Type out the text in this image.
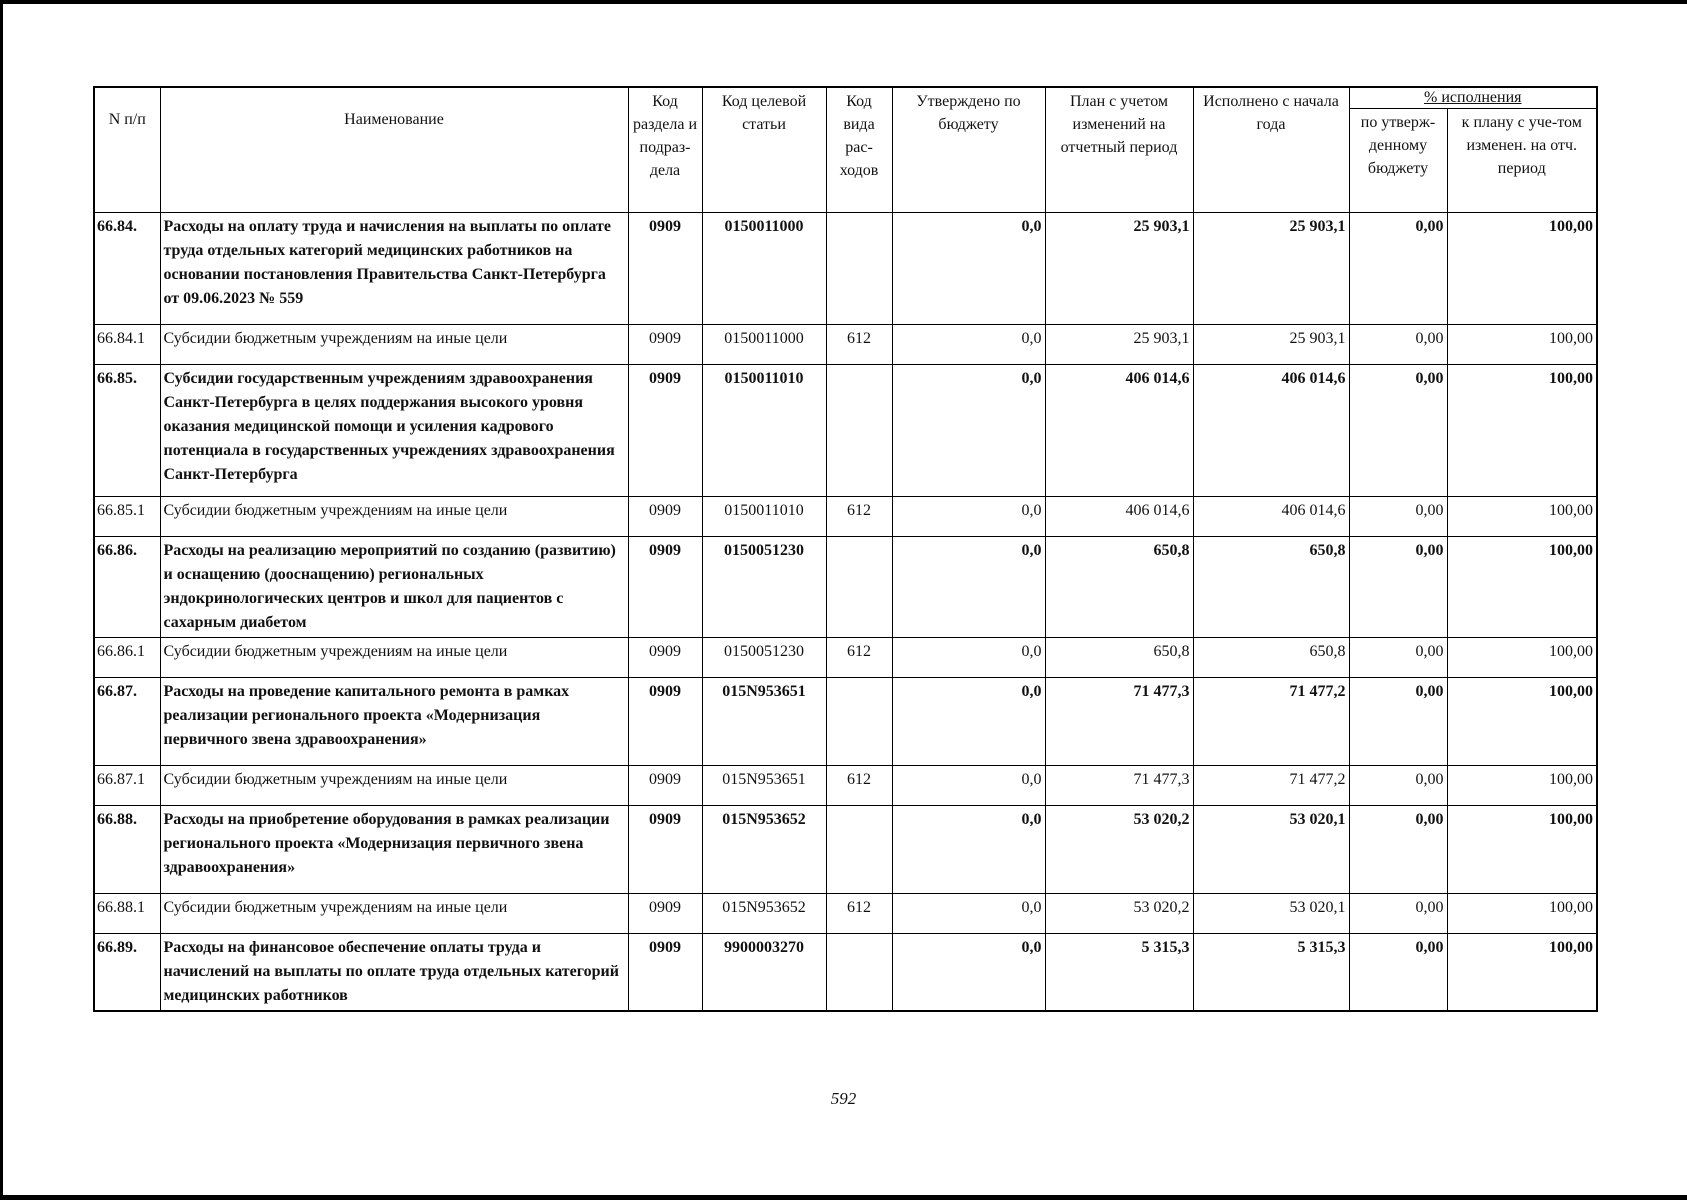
N п/п	Наименование	Код раздела и подраз-дела	Код целевой статьи	Код вида рас-ходов	Утверждено по бюджету	План с учетом изменений на отчетный период	Исполнено с начала года	% исполнения	
								по утверж-денному бюджету	к плану с уче-том изменен. на отч. период
66.84.	Расходы на оплату труда и начисления на выплаты по оплате труда отдельных категорий медицинских работников на основании постановления Правительства Санкт-Петербурга от 09.06.2023 № 559	0909	0150011000		0,0	25 903,1	25 903,1	0,00	100,00
66.84.1	Субсидии бюджетным учреждениям на иные цели	0909	0150011000	612	0,0	25 903,1	25 903,1	0,00	100,00
66.85.	Субсидии государственным учреждениям здравоохранения Санкт-Петербурга в целях поддержания высокого уровня оказания медицинской помощи и усиления кадрового потенциала в государственных учреждениях здравоохранения Санкт-Петербурга	0909	0150011010		0,0	406 014,6	406 014,6	0,00	100,00
66.85.1	Субсидии бюджетным учреждениям на иные цели	0909	0150011010	612	0,0	406 014,6	406 014,6	0,00	100,00
66.86.	Расходы на реализацию мероприятий по созданию (развитию) и оснащению (дооснащению) региональных эндокринологических центров и школ для пациентов с сахарным диабетом	0909	0150051230		0,0	650,8	650,8	0,00	100,00
66.86.1	Субсидии бюджетным учреждениям на иные цели	0909	0150051230	612	0,0	650,8	650,8	0,00	100,00
66.87.	Расходы на проведение капитального ремонта в рамках реализации регионального проекта «Модернизация первичного звена здравоохранения»	0909	015N953651		0,0	71 477,3	71 477,2	0,00	100,00
66.87.1	Субсидии бюджетным учреждениям на иные цели	0909	015N953651	612	0,0	71 477,3	71 477,2	0,00	100,00
66.88.	Расходы на приобретение оборудования в рамках реализации регионального проекта «Модернизация первичного звена здравоохранения»	0909	015N953652		0,0	53 020,2	53 020,1	0,00	100,00
66.88.1	Субсидии бюджетным учреждениям на иные цели	0909	015N953652	612	0,0	53 020,2	53 020,1	0,00	100,00
66.89.	Расходы на финансовое обеспечение оплаты труда и начислений на выплаты по оплате труда отдельных категорий медицинских работников	0909	9900003270		0,0	5 315,3	5 315,3	0,00	100,00
592
